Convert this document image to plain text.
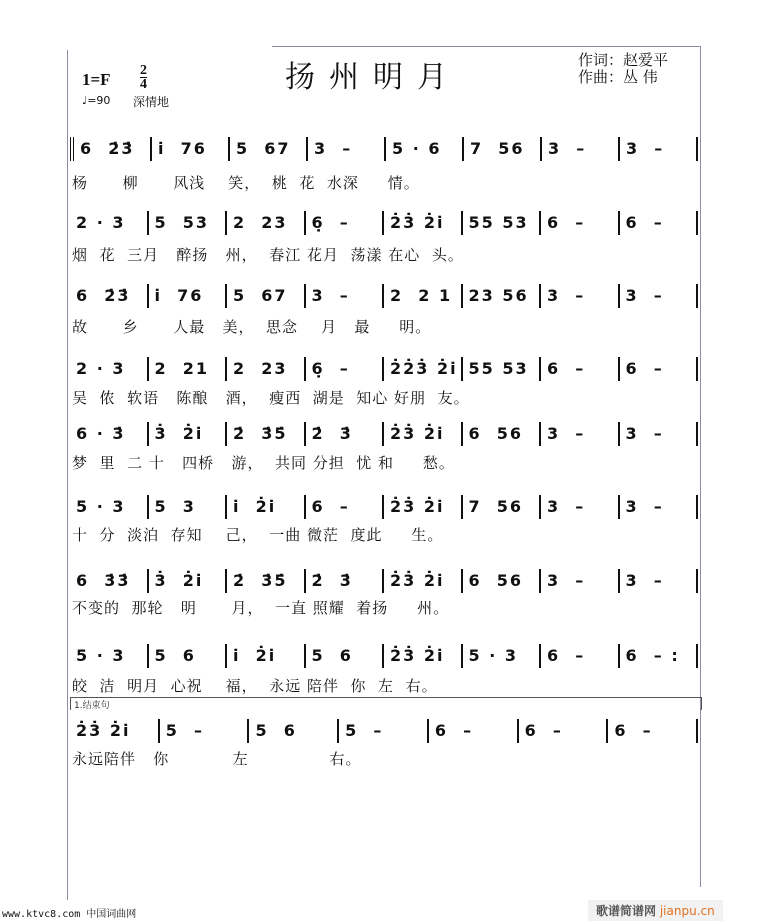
1=F 2
4
♩=90 深情地
扬州明月	作词：赵爱平
作曲：丛 伟
6  2̇3̇	i̇  76	5  67	3  –	5 · 6	7  56	3  –	3  –
杨      柳      风浅    笑，  桃  花  水深     情。
2 · 3	5  53	2  23	6̣  –	2̇3̇ 2̇i̇	55 53	6  –	6  –
烟  花  三月   醉扬   州，  春江 花月  荡漾 在心  头。
6  2̇3̇	i̇  76	5  67	3  –	2  2 1	23 56	3  –	3  –
故      乡      人最   美，  思念    月   最     明。
2 · 3	2  21	2  23	6̣  –	2̇2̇3̇ 2̇i̇ 55 53	6  –	6  –
吴  侬  软语   陈酿   酒，  瘦西  湖是  知心 好朋  友。
6 · 3̇	3̇  2̇i̇	2̇  3̇5̇	2̇  3̇	2̇3̇ 2̇i̇	6  56	3  –	3  –
梦  里  二 十   四桥   游，  共同 分担  忧 和     愁。
5 · 3	5  3	i̇  2̇i̇	6  –	2̇3̇ 2̇i̇	7  56	3  –	3  –
十  分  淡泊  存知    己，  一曲 微茫  度此     生。
6  3̇3̇	3̇  2̇i̇	2̇  3̇5̇	2̇  3̇	2̇3̇ 2̇i̇	6  56	3  –	3  –
不变的  那轮   明      月，  一直 照耀  着扬     州。
5 · 3	5  6	i̇  2̇i̇	5  6	2̇3̇ 2̇i̇	5 · 3	6  –	6  – :
皎  洁  明月  心祝    福，  永远 陪伴  你  左  右。
2̇3̇ 2̇i̇	5  –	5  6	5  –	6  –	6  –	6  –
永远陪伴   你           左              右。
1.结束句
www.ktvc8.com 中国词曲网	歌谱简谱网 jianpu.cn
